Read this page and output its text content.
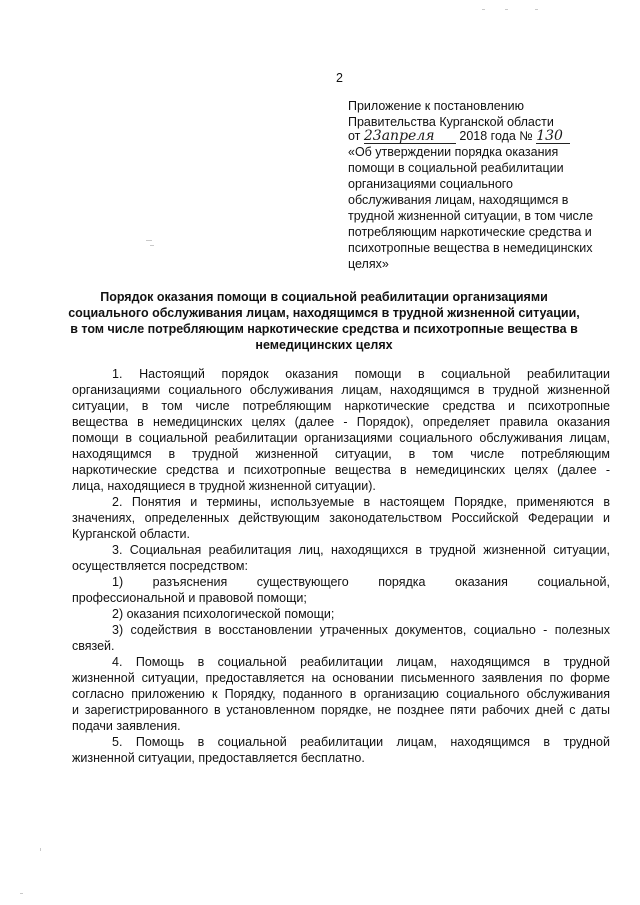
2
Приложение к постановлению
Правительства Курганской области
от 23апреля 2018 года № 130
«Об утверждении порядка оказания
помощи в социальной реабилитации
организациями социального
обслуживания лицам, находящимся в
трудной жизненной ситуации, в том числе
потребляющим наркотические средства и
психотропные вещества в немедицинских
целях»
Порядок оказания помощи в социальной реабилитации организациями
социального обслуживания лицам, находящимся в трудной жизненной ситуации,
в том числе потребляющим наркотические средства и психотропные вещества в
немедицинских целях
1. Настоящий порядок оказания помощи в социальной реабилитации
организациями социального обслуживания лицам, находящимся в трудной жизненной
ситуации, в том числе потребляющим наркотические средства и психотропные
вещества в немедицинских целях (далее - Порядок), определяет правила оказания
помощи в социальной реабилитации организациями социального обслуживания лицам,
находящимся в трудной жизненной ситуации, в том числе потребляющим
наркотические средства и психотропные вещества в немедицинских целях (далее -
лица, находящиеся в трудной жизненной ситуации).
2. Понятия и термины, используемые в настоящем Порядке, применяются в
значениях, определенных действующим законодательством Российской Федерации и
Курганской области.
3. Социальная реабилитация лиц, находящихся в трудной жизненной ситуации,
осуществляется посредством:
1) разъяснения существующего порядка оказания социальной,
профессиональной и правовой помощи;
2) оказания психологической помощи;
3) содействия в восстановлении утраченных документов, социально - полезных
связей.
4. Помощь в социальной реабилитации лицам, находящимся в трудной
жизненной ситуации, предоставляется на основании письменного заявления по форме
согласно приложению к Порядку, поданного в организацию социального обслуживания
и зарегистрированного в установленном порядке, не позднее пяти рабочих дней с даты
подачи заявления.
5. Помощь в социальной реабилитации лицам, находящимся в трудной
жизненной ситуации, предоставляется бесплатно.
